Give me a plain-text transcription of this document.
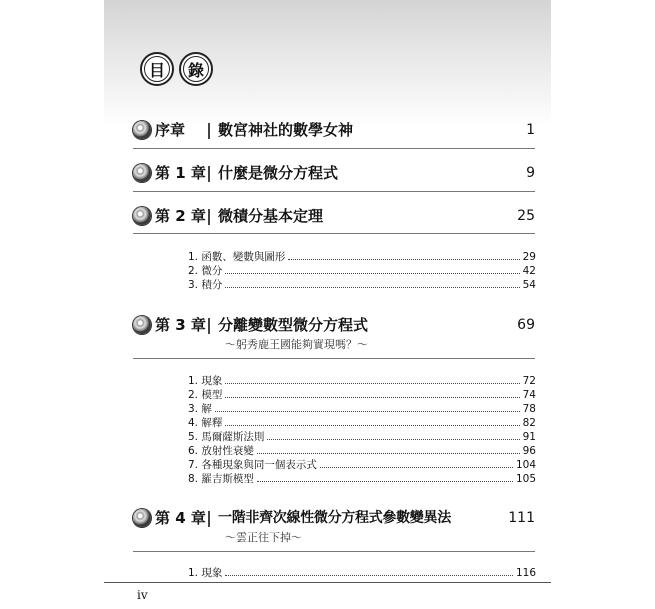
目	錄
序章 數宮神社的數學女神	1
第 1 章 什麼是微分方程式	9
第 2 章 微積分基本定理	25
1. 函數、變數與圖形	29
2. 微分	42
3. 積分	54
第 3 章 分離變數型微分方程式	69
～躬秀鹿王國能夠實現嗎？～
1. 現象	72
2. 模型	74
3. 解	78
4. 解釋	82
5. 馬爾薩斯法則	91
6. 放射性衰變	96
7. 各種現象與同一個表示式	104
8. 羅吉斯模型	105
第 4 章 一階非齊次線性微分方程式參數變異法	111
～雲正往下掉～
1. 現象	116
iv
